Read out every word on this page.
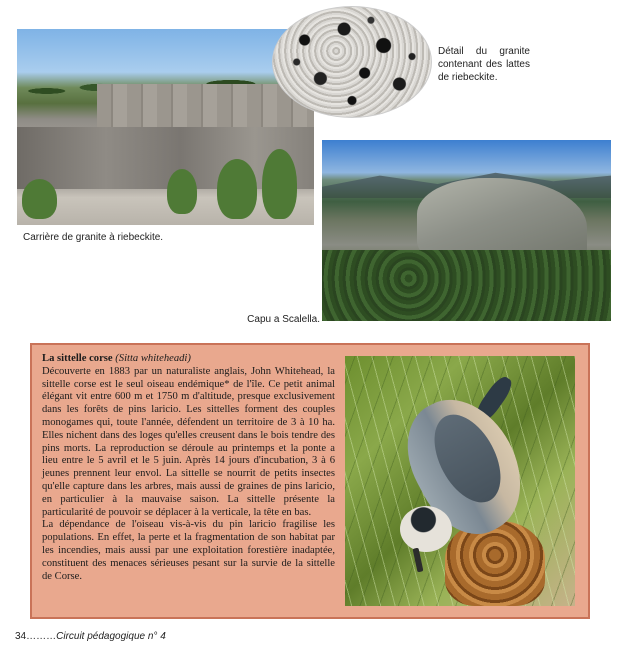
Détail du granite contenant des lattes de riebeckite.
Carrière de granite à riebeckite.
Capu a Scalella.

La sittelle corse (Sitta whiteheadi)

Découverte en 1883 par un naturaliste anglais, John Whitehead, la sittelle corse est le seul oiseau endémique* de l'île. Ce petit animal élégant vit entre 600 m et 1750 m d'altitude, presque exclusivement dans les forêts de pins laricio. Les sittelles forment des couples monogames qui, toute l'année, défendent un territoire de 3 à 10 ha. Elles nichent dans des loges qu'elles creusent dans le bois tendre des pins morts. La reproduction se déroule au printemps et la ponte a lieu entre le 5 avril et le 5 juin. Après 14 jours d'incubation, 3 à 6 jeunes prennent leur envol. La sittelle se nourrit de petits insectes qu'elle capture dans les arbres, mais aussi de graines de pins laricio, en particulier à la mauvaise saison. La sittelle présente la particularité de pouvoir se déplacer à la verticale, la tête en bas.

La dépendance de l'oiseau vis-à-vis du pin laricio fragilise les populations. En effet, la perte et la fragmentation de son habitat par les incendies, mais aussi par une exploitation forestière inadaptée, constituent des menaces sérieuses pesant sur la survie de la sittelle de Corse.

34………Circuit pédagogique n° 4
